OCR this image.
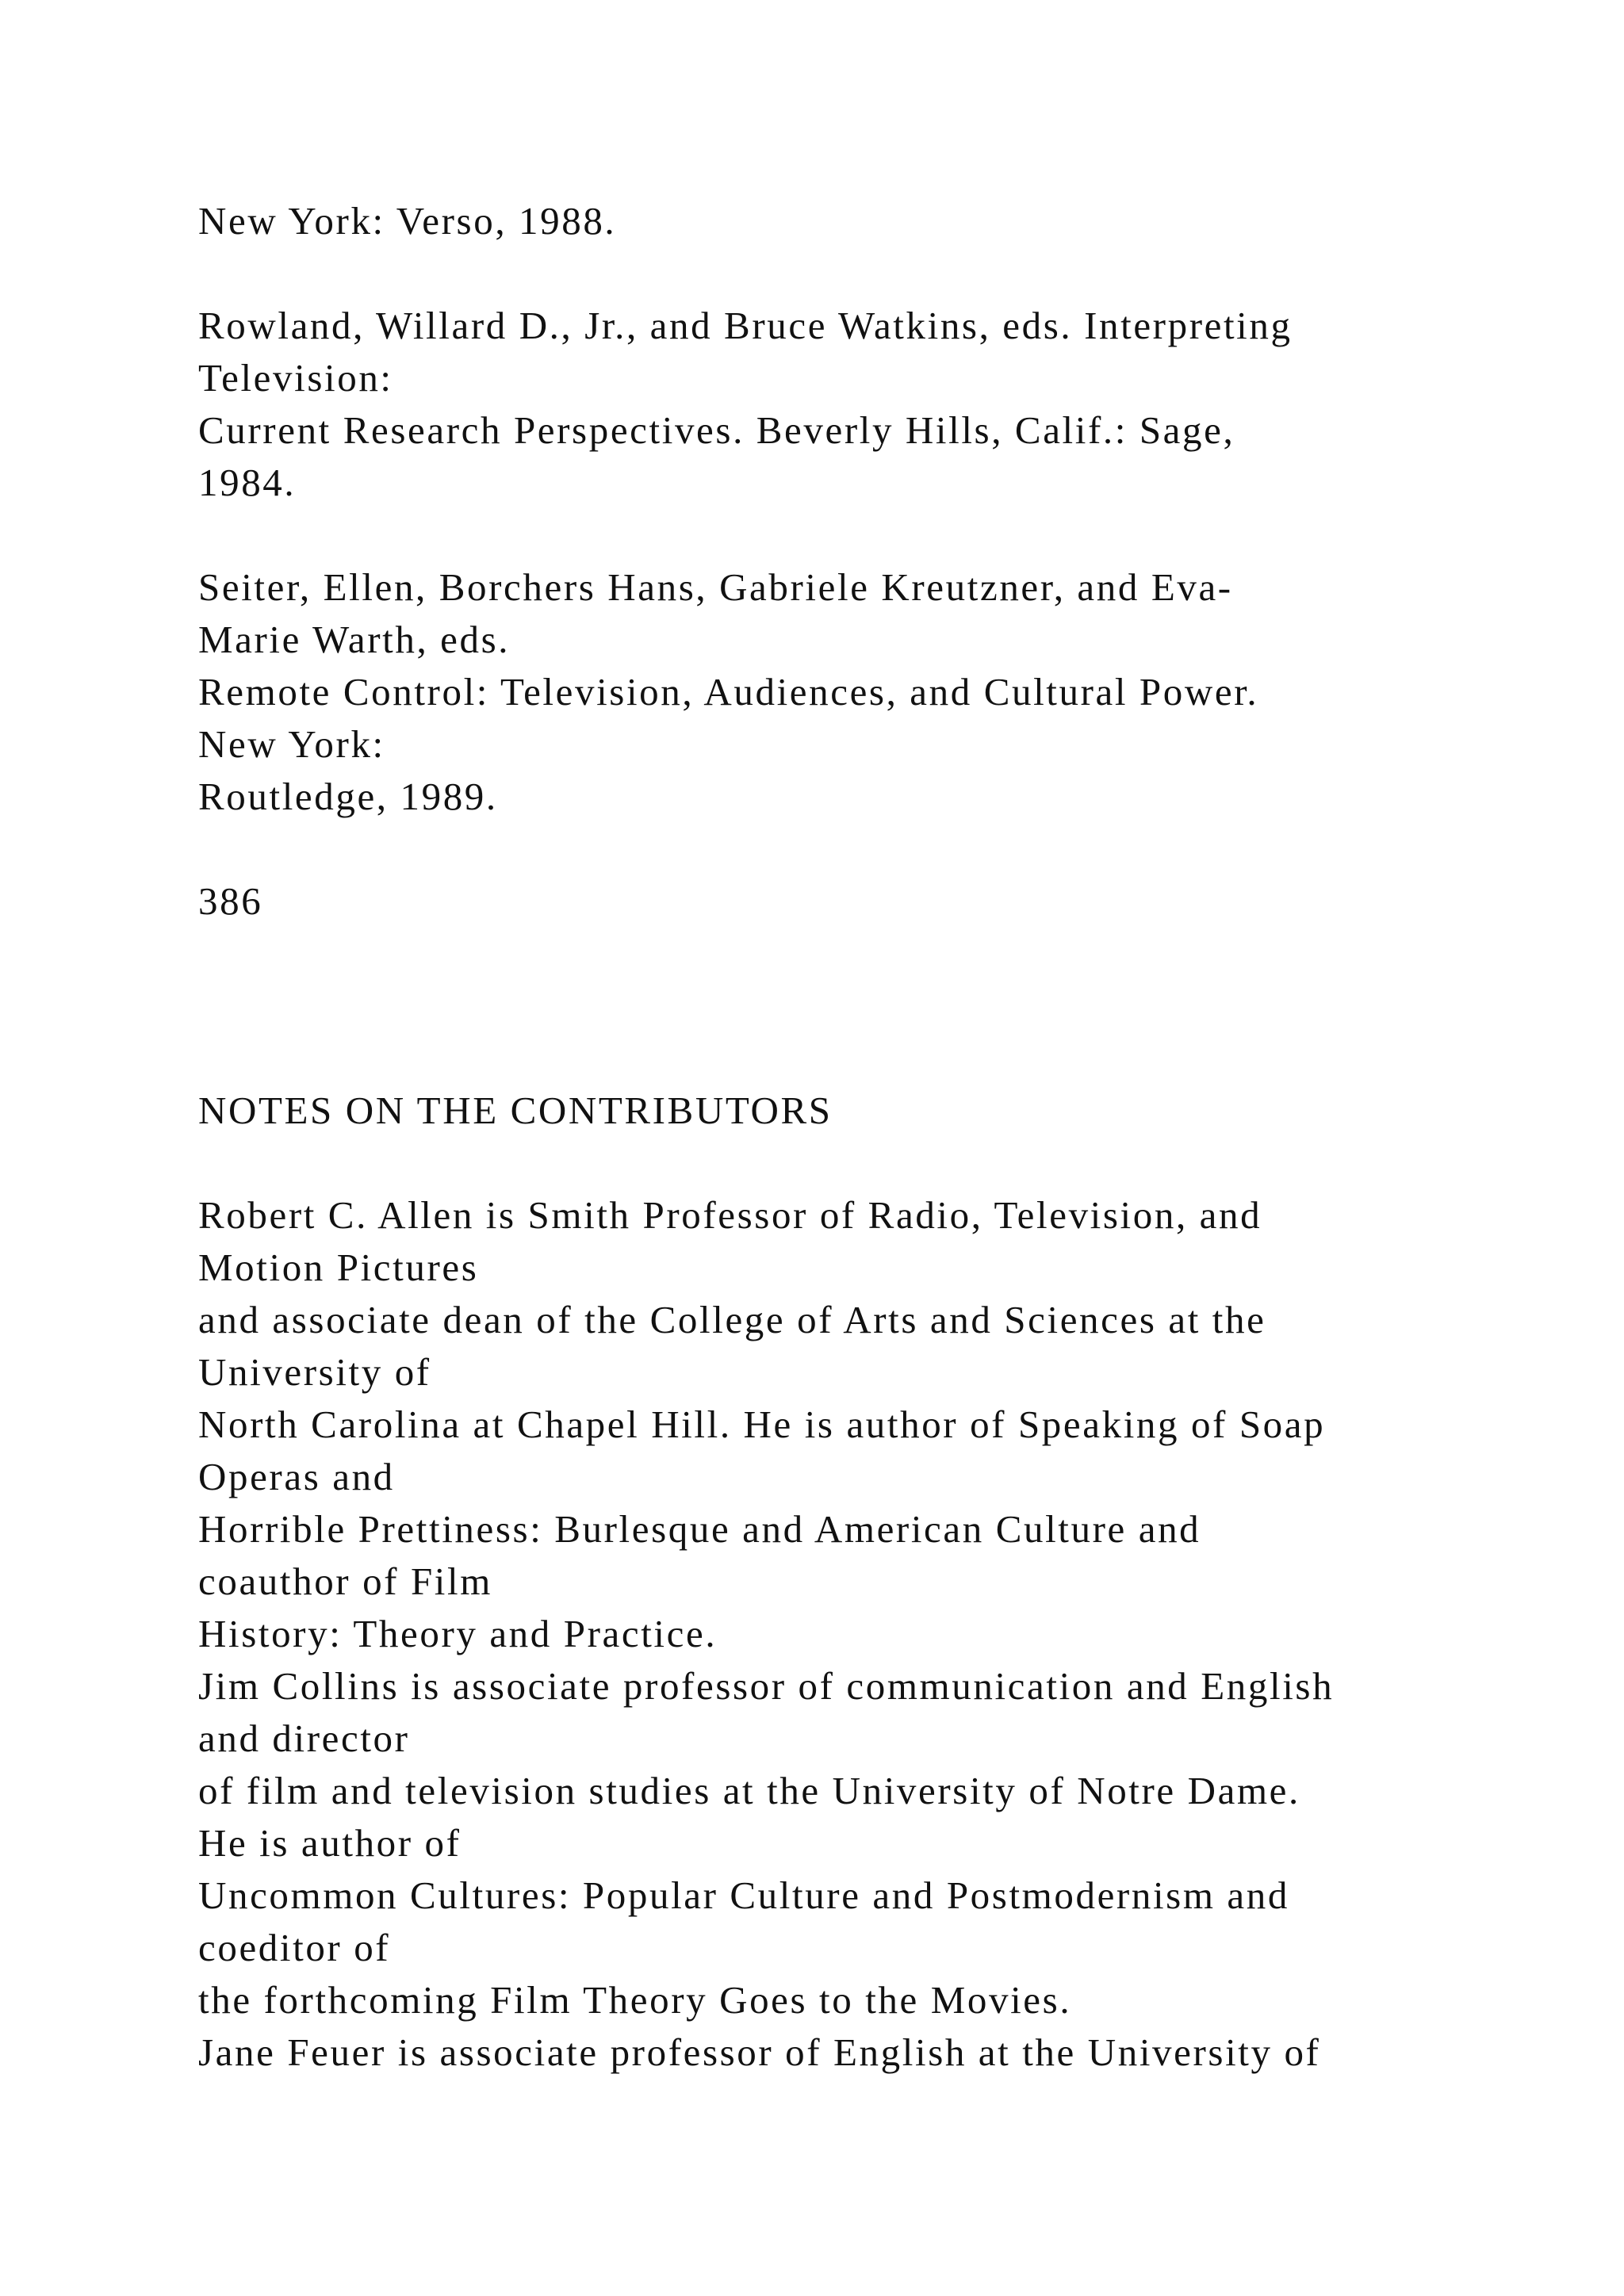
New York: Verso, 1988.
Rowland, Willard D., Jr., and Bruce Watkins, eds. Interpreting
Television:
Current Research Perspectives. Beverly Hills, Calif.: Sage,
1984.
Seiter, Ellen, Borchers Hans, Gabriele Kreutzner, and Eva-
Marie Warth, eds.
Remote Control: Television, Audiences, and Cultural Power.
New York:
Routledge, 1989.
386
NOTES ON THE CONTRIBUTORS
Robert C. Allen is Smith Professor of Radio, Television, and
Motion Pictures
and associate dean of the College of Arts and Sciences at the
University of
North Carolina at Chapel Hill. He is author of Speaking of Soap
Operas and
Horrible Prettiness: Burlesque and American Culture and
coauthor of Film
History: Theory and Practice.
Jim Collins is associate professor of communication and English
and director
of film and television studies at the University of Notre Dame.
He is author of
Uncommon Cultures: Popular Culture and Postmodernism and
coeditor of
the forthcoming Film Theory Goes to the Movies.
Jane Feuer is associate professor of English at the University of
